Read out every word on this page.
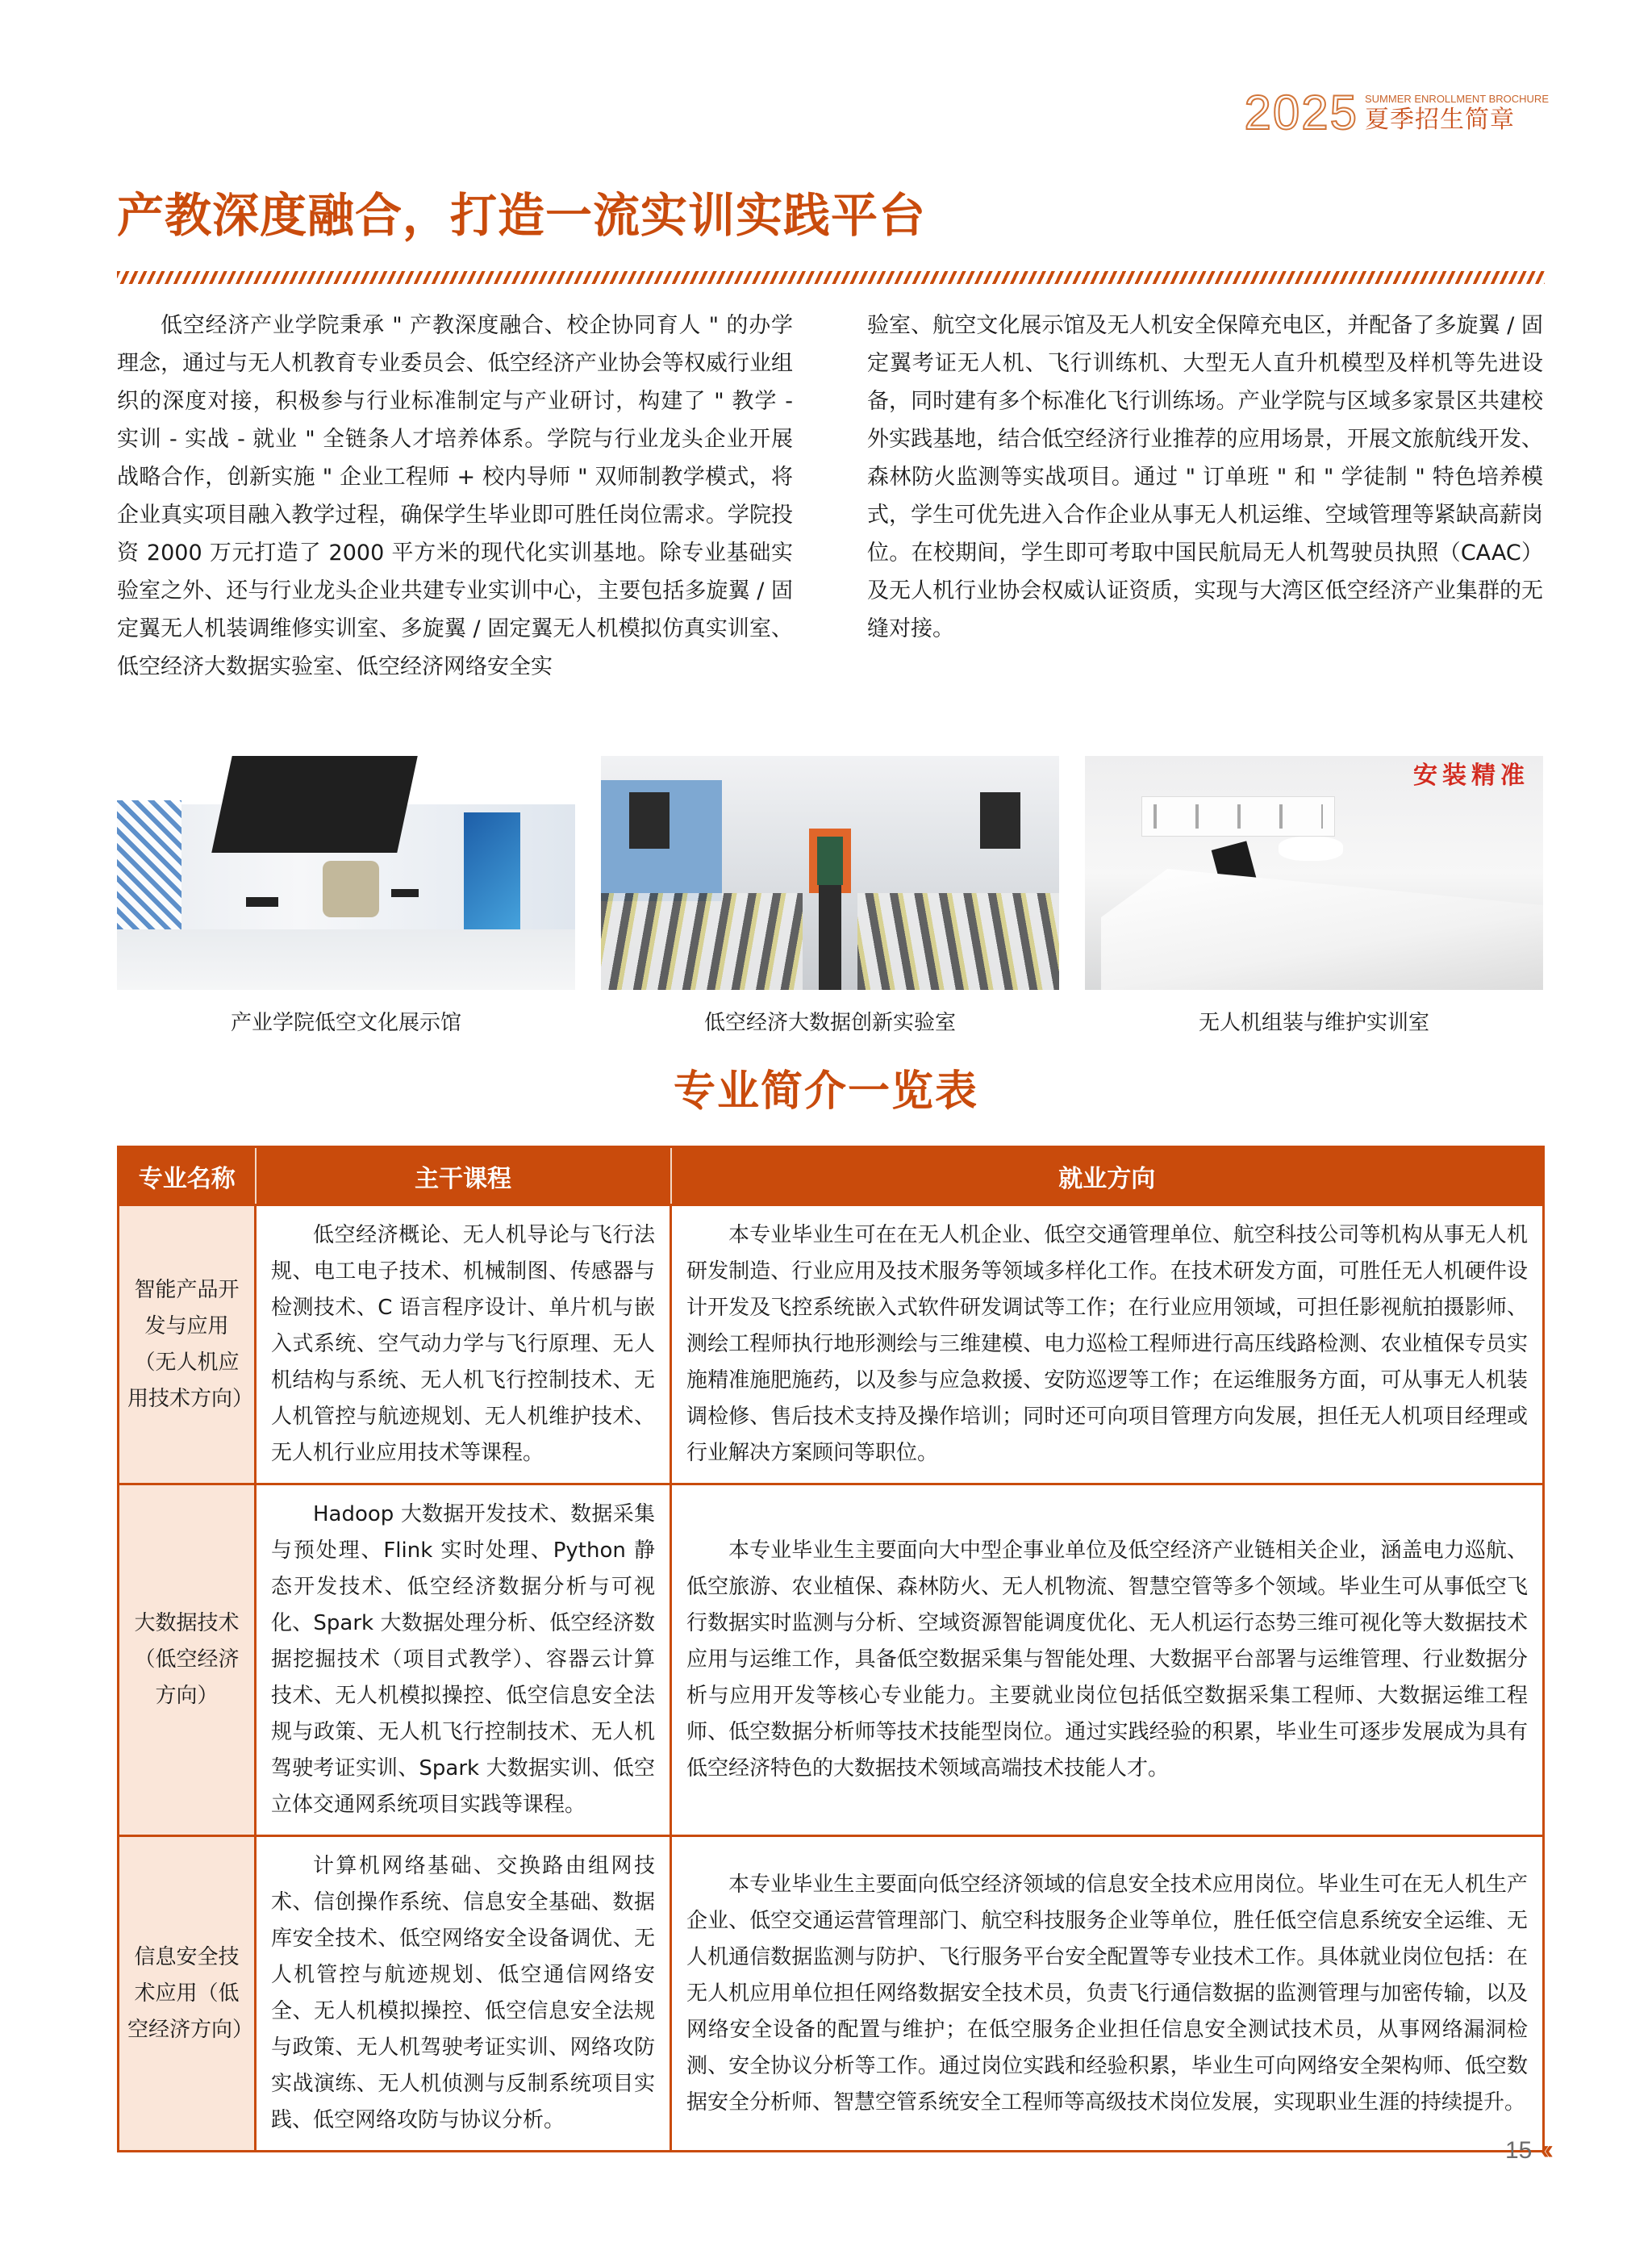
2025 SUMMER ENROLLMENT BROCHURE
夏季招生简章
产教深度融合，打造一流实训实践平台

低空经济产业学院秉承 " 产教深度融合、校企协同育人 " 的办学理念，通过与无人机教育专业委员会、低空经济产业协会等权威行业组织的深度对接，积极参与行业标准制定与产业研讨，构建了 " 教学 - 实训 - 实战 - 就业 " 全链条人才培养体系。学院与行业龙头企业开展战略合作，创新实施 " 企业工程师 + 校内导师 " 双师制教学模式，将企业真实项目融入教学过程，确保学生毕业即可胜任岗位需求。学院投资 2000 万元打造了 2000 平方米的现代化实训基地。除专业基础实验室之外、还与行业龙头企业共建专业实训中心，主要包括多旋翼 / 固定翼无人机装调维修实训室、多旋翼 / 固定翼无人机模拟仿真实训室、低空经济大数据实验室、低空经济网络安全实

验室、航空文化展示馆及无人机安全保障充电区，并配备了多旋翼 / 固定翼考证无人机、飞行训练机、大型无人直升机模型及样机等先进设备，同时建有多个标准化飞行训练场。产业学院与区域多家景区共建校外实践基地，结合低空经济行业推荐的应用场景，开展文旅航线开发、森林防火监测等实战项目。通过 " 订单班 " 和 " 学徒制 " 特色培养模式，学生可优先进入合作企业从事无人机运维、空域管理等紧缺高薪岗位。在校期间，学生即可考取中国民航局无人机驾驶员执照（CAAC）及无人机行业协会权威认证资质，实现与大湾区低空经济产业集群的无缝对接。

安装精准
产业学院低空文化展示馆	低空经济大数据创新实验室	无人机组装与维护实训室
专业简介一览表
专业名称	主干课程	就业方向
智能产品开发与应用（无人机应用技术方向）	低空经济概论、无人机导论与飞行法规、电工电子技术、机械制图、传感器与检测技术、C 语言程序设计、单片机与嵌入式系统、空气动力学与飞行原理、无人机结构与系统、无人机飞行控制技术、无人机管控与航迹规划、无人机维护技术、无人机行业应用技术等课程。	本专业毕业生可在在无人机企业、低空交通管理单位、航空科技公司等机构从事无人机研发制造、行业应用及技术服务等领域多样化工作。在技术研发方面，可胜任无人机硬件设计开发及飞控系统嵌入式软件研发调试等工作；在行业应用领域，可担任影视航拍摄影师、测绘工程师执行地形测绘与三维建模、电力巡检工程师进行高压线路检测、农业植保专员实施精准施肥施药，以及参与应急救援、安防巡逻等工作；在运维服务方面，可从事无人机装调检修、售后技术支持及操作培训；同时还可向项目管理方向发展，担任无人机项目经理或行业解决方案顾问等职位。
大数据技术（低空经济方向）	Hadoop 大数据开发技术、数据采集与预处理、Flink 实时处理、Python 静态开发技术、低空经济数据分析与可视化、Spark 大数据处理分析、低空经济数据挖掘技术（项目式教学）、容器云计算技术、无人机模拟操控、低空信息安全法规与政策、无人机飞行控制技术、无人机驾驶考证实训、Spark 大数据实训、低空立体交通网系统项目实践等课程。	本专业毕业生主要面向大中型企事业单位及低空经济产业链相关企业，涵盖电力巡航、低空旅游、农业植保、森林防火、无人机物流、智慧空管等多个领域。毕业生可从事低空飞行数据实时监测与分析、空域资源智能调度优化、无人机运行态势三维可视化等大数据技术应用与运维工作，具备低空数据采集与智能处理、大数据平台部署与运维管理、行业数据分析与应用开发等核心专业能力。主要就业岗位包括低空数据采集工程师、大数据运维工程师、低空数据分析师等技术技能型岗位。通过实践经验的积累，毕业生可逐步发展成为具有低空经济特色的大数据技术领域高端技术技能人才。
信息安全技术应用（低空经济方向）	计算机网络基础、交换路由组网技术、信创操作系统、信息安全基础、数据库安全技术、低空网络安全设备调优、无人机管控与航迹规划、低空通信网络安全、无人机模拟操控、低空信息安全法规与政策、无人机驾驶考证实训、网络攻防实战演练、无人机侦测与反制系统项目实践、低空网络攻防与协议分析。	本专业毕业生主要面向低空经济领域的信息安全技术应用岗位。毕业生可在无人机生产企业、低空交通运营管理部门、航空科技服务企业等单位，胜任低空信息系统安全运维、无人机通信数据监测与防护、飞行服务平台安全配置等专业技术工作。具体就业岗位包括：在无人机应用单位担任网络数据安全技术员，负责飞行通信数据的监测管理与加密传输，以及网络安全设备的配置与维护；在低空服务企业担任信息安全测试技术员，从事网络漏洞检测、安全协议分析等工作。通过岗位实践和经验积累，毕业生可向网络安全架构师、低空数据安全分析师、智慧空管系统安全工程师等高级技术岗位发展，实现职业生涯的持续提升。
15 ‹‹
